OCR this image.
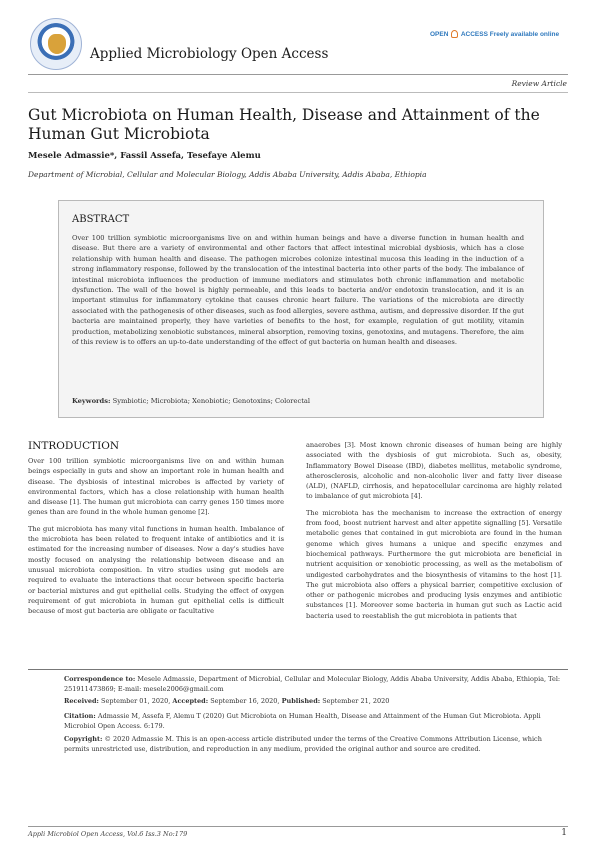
Applied Microbiology Open Access
OPEN ACCESS Freely available online
Review Article
Gut Microbiota on Human Health, Disease and Attainment of the Human Gut Microbiota
Mesele Admassie*, Fassil Assefa, Tesefaye Alemu
Department of Microbial, Cellular and Molecular Biology, Addis Ababa University, Addis Ababa, Ethiopia
ABSTRACT
Over 100 trillion symbiotic microorganisms live on and within human beings and have a diverse function in human health and disease. But there are a variety of environmental and other factors that affect intestinal microbial dysbiosis, which has a close relationship with human health and disease. The pathogen microbes colonize intestinal mucosa this leading in the induction of a strong inflammatory response, followed by the translocation of the intestinal bacteria into other parts of the body. The imbalance of intestinal microbiota influences the production of immune mediators and stimulates both chronic inflammation and metabolic dysfunction. The wall of the bowel is highly permeable, and this leads to bacteria and/or endotoxin translocation, and it is an important stimulus for inflammatory cytokine that causes chronic heart failure. The variations of the microbiota are directly associated with the pathogenesis of other diseases, such as food allergies, severe asthma, autism, and depressive disorder. If the gut bacteria are maintained properly, they have varieties of benefits to the host, for example, regulation of gut motility, vitamin production, metabolizing xenobiotic substances, mineral absorption, removing toxins, genotoxins, and mutagens. Therefore, the aim of this review is to offers an up-to-date understanding of the effect of gut bacteria on human health and diseases.
Keywords: Symbiotic; Microbiota; Xenobiotic; Genotoxins; Colorectal
INTRODUCTION

Over 100 trillion symbiotic microorganisms live on and within human beings especially in guts and show an important role in human health and disease. The dysbiosis of intestinal microbes is affected by variety of environmental factors, which has a close relationship with human health and disease [1]. The human gut microbiota can carry genes 150 times more genes than are found in the whole human genome [2].

The gut microbiota has many vital functions in human health. Imbalance of the microbiota has been related to frequent intake of antibiotics and it is estimated for the increasing number of diseases. Now a day's studies have mostly focused on analysing the relationship between disease and an unusual microbiota composition. In vitro studies using gut models are required to evaluate the interactions that occur between specific bacteria or bacterial mixtures and gut epithelial cells. Studying the effect of oxygen requirement of gut microbiota in human gut epithelial cells is difficult because of most gut bacteria are obligate or facultative

anaerobes [3]. Most known chronic diseases of human being are highly associated with the dysbiosis of gut microbiota. Such as, obesity, Inflammatory Bowel Disease (IBD), diabetes mellitus, metabolic syndrome, atherosclerosis, alcoholic and non-alcoholic liver and fatty liver disease (ALD), (NAFLD, cirrhosis, and hepatocellular carcinoma are highly related to imbalance of gut microbiota [4].

The microbiota has the mechanism to increase the extraction of energy from food, boost nutrient harvest and alter appetite signalling [5]. Versatile metabolic genes that contained in gut microbiota are found in the human genome which gives humans a unique and specific enzymes and biochemical pathways. Furthermore the gut microbiota are beneficial in nutrient acquisition or xenobiotic processing, as well as the metabolism of undigested carbohydrates and the biosynthesis of vitamins to the host [1]. The gut microbiota also offers a physical barrier, competitive exclusion of other or pathogenic microbes and producing lysis enzymes and antibiotic substances [1]. Moreover some bacteria in human gut such as Lactic acid bacteria used to reestablish the gut microbiota in patients that

Correspondence to: Mesele Admassie, Department of Microbial, Cellular and Molecular Biology, Addis Ababa University, Addis Ababa, Ethiopia, Tel: 251911473869; E-mail: mesele2006@gmail.com
Received: September 01, 2020, Accepted: September 16, 2020, Published: September 21, 2020
Citation: Admassie M, Assefa F, Alemu T (2020) Gut Microbiota on Human Health, Disease and Attainment of the Human Gut Microbiota. Appli Microbiol Open Access. 6:179.
Copyright: © 2020 Admassie M. This is an open-access article distributed under the terms of the Creative Commons Attribution License, which permits unrestricted use, distribution, and reproduction in any medium, provided the original author and source are credited.
Appli Microbiol Open Access, Vol.6 Iss.3 No:179	1
